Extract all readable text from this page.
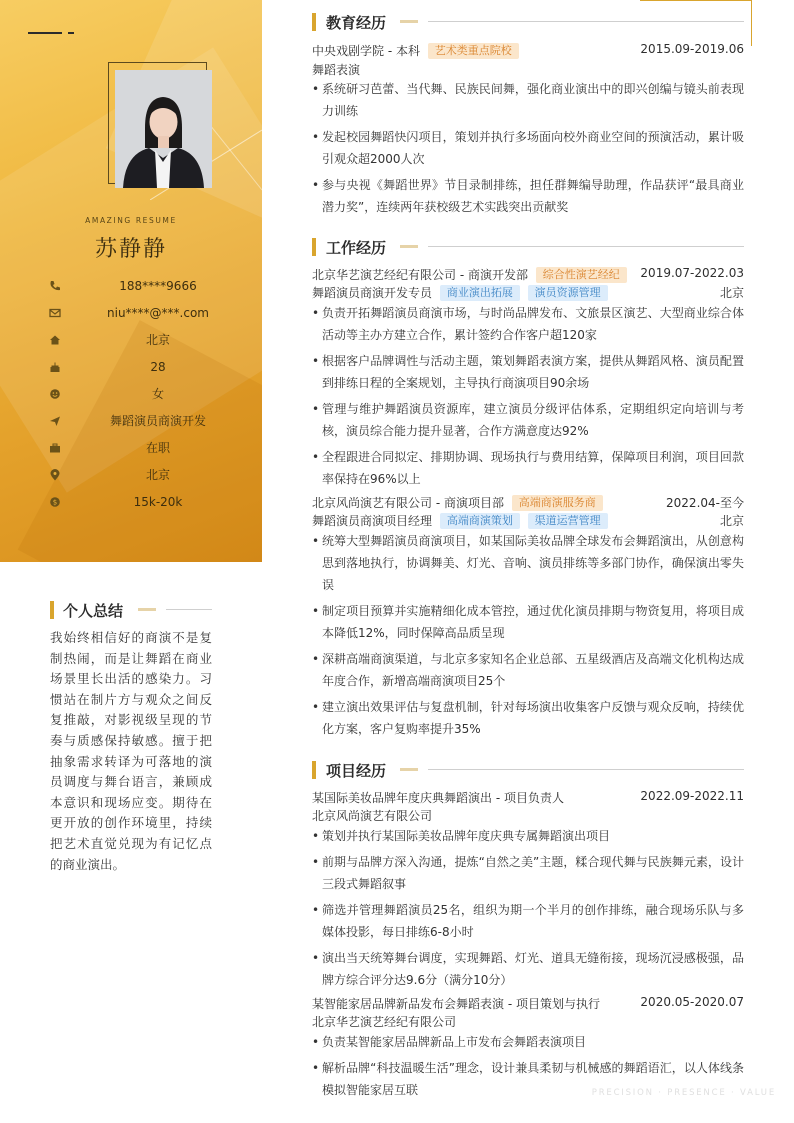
AMAZING RESUME
苏静静
188****9666
niu****@***.com
北京
28
女
舞蹈演员商演开发
在职
北京
$	15k-20k
个人总结
我始终相信好的商演不是复制热闹，而是让舞蹈在商业场景里长出活的感染力。习惯站在制片方与观众之间反复推敲，对影视级呈现的节奏与质感保持敏感。擅于把抽象需求转译为可落地的演员调度与舞台语言，兼顾成本意识和现场应变。期待在更开放的创作环境里，持续把艺术直觉兑现为有记忆点的商业演出。
教育经历
中央戏剧学院 - 本科 艺术类重点院校	2015.09-2019.06
舞蹈表演
• 系统研习芭蕾、当代舞、民族民间舞，强化商业演出中的即兴创编与镜头前表现力训练
• 发起校园舞蹈快闪项目，策划并执行多场面向校外商业空间的预演活动，累计吸引观众超2000人次
• 参与央视《舞蹈世界》节目录制排练，担任群舞编导助理，作品获评“最具商业潜力奖”，连续两年获校级艺术实践突出贡献奖
工作经历
北京华艺演艺经纪有限公司 - 商演开发部 综合性演艺经纪 2019.07-2022.03
舞蹈演员商演开发专员 商业演出拓展 演员资源管理	北京
• 负责开拓舞蹈演员商演市场，与时尚品牌发布、文旅景区演艺、大型商业综合体活动等主办方建立合作，累计签约合作客户超120家
• 根据客户品牌调性与活动主题，策划舞蹈表演方案，提供从舞蹈风格、演员配置到排练日程的全案规划，主导执行商演项目90余场
• 管理与维护舞蹈演员资源库，建立演员分级评估体系，定期组织定向培训与考核，演员综合能力提升显著，合作方满意度达92%
• 全程跟进合同拟定、排期协调、现场执行与费用结算，保障项目利润，项目回款率保持在96%以上
北京风尚演艺有限公司 - 商演项目部 高端商演服务商	2022.04-至今
舞蹈演员商演项目经理 高端商演策划 渠道运营管理	北京
• 统筹大型舞蹈演员商演项目，如某国际美妆品牌全球发布会舞蹈演出，从创意构思到落地执行，协调舞美、灯光、音响、演员排练等多部门协作，确保演出零失误
• 制定项目预算并实施精细化成本管控，通过优化演员排期与物资复用，将项目成本降低12%，同时保障高品质呈现
• 深耕高端商演渠道，与北京多家知名企业总部、五星级酒店及高端文化机构达成年度合作，新增高端商演项目25个
• 建立演出效果评估与复盘机制，针对每场演出收集客户反馈与观众反响，持续优化方案，客户复购率提升35%
项目经历
某国际美妆品牌年度庆典舞蹈演出 - 项目负责人	2022.09-2022.11
北京风尚演艺有限公司
• 策划并执行某国际美妆品牌年度庆典专属舞蹈演出项目
• 前期与品牌方深入沟通，提炼“自然之美”主题，糅合现代舞与民族舞元素，设计三段式舞蹈叙事
• 筛选并管理舞蹈演员25名，组织为期一个半月的创作排练，融合现场乐队与多媒体投影，每日排练6-8小时
• 演出当天统筹舞台调度，实现舞蹈、灯光、道具无缝衔接，现场沉浸感极强，品牌方综合评分达9.6分（满分10分）
某智能家居品牌新品发布会舞蹈表演 - 项目策划与执行	2020.05-2020.07
北京华艺演艺经纪有限公司
• 负责某智能家居品牌新品上市发布会舞蹈表演项目
• 解析品牌“科技温暖生活”理念，设计兼具柔韧与机械感的舞蹈语汇，以人体线条模拟智能家居互联	PRECISION · PRESENCE · VALUE
